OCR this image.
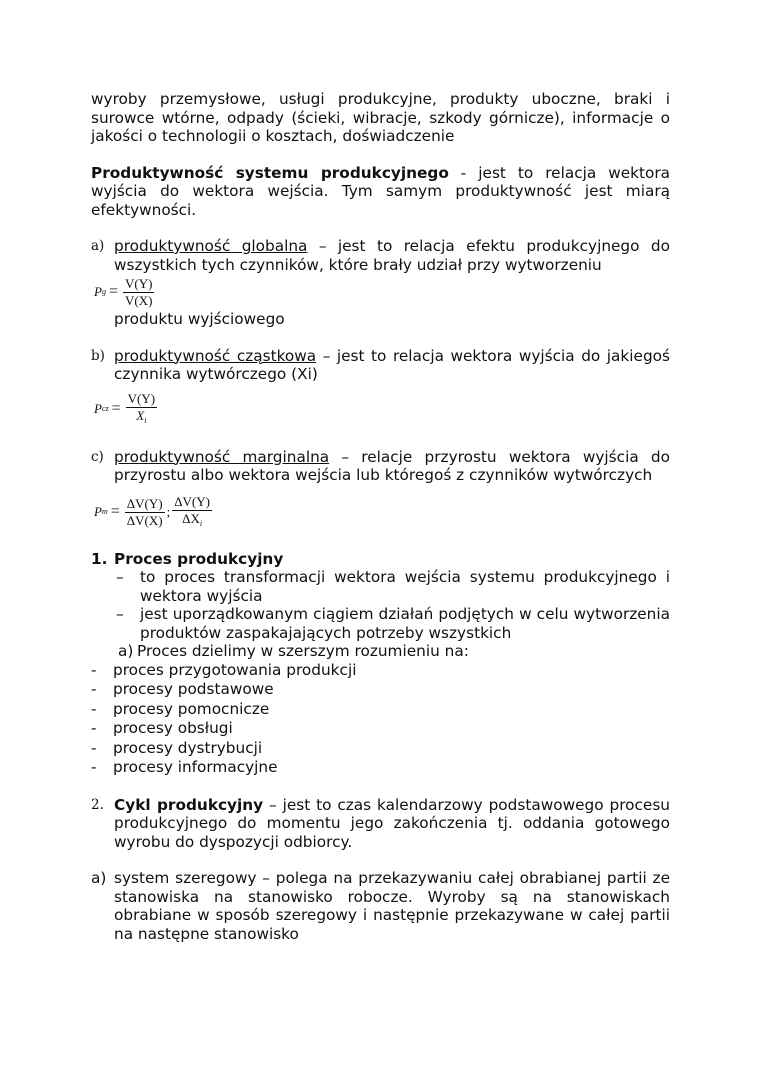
wyroby przemysłowe, usługi produkcyjne, produkty uboczne, braki i surowce wtórne, odpady (ścieki, wibracje, szkody górnicze), informacje o jakości o technologii o kosztach, doświadczenie

Produktywność systemu produkcyjnego - jest to relacja wektora wyjścia do wektora wejścia. Tym samym produktywność jest miarą efektywności.

a) produktywność globalna – jest to relacja efektu produkcyjnego do wszystkich tych czynników, które brały udział przy wytworzeniu

P $g = \frac{V(Y)}{V(X)}$

produktu wyjściowego

b) produktywność cząstkowa – jest to relacja wektora wyjścia do jakiegoś czynnika wytwórczego (Xi)

P cz = $\frac{V(Y)}{X_i}$
c) produktywność marginalna – relacje przyrostu wektora wyjścia do przyrostu albo wektora wejścia lub któregoś z czynników wytwórczych

P $m = \frac{\Delta V(Y)}{\Delta V(X)}$ ; $\frac{\Delta V(Y)}{\Delta X_i}$
1. Proces produkcyjny
–	to proces transformacji wektora wejścia systemu produkcyjnego i wektora wyjścia

–	jest uporządkowanym ciągiem działań podjętych w celu wytworzenia produktów zaspakajających potrzeby wszystkich

a) Proces dzielimy w szerszym rozumieniu na:
-	proces przygotowania produkcji
-	procesy podstawowe
-	procesy pomocnicze
-	procesy obsługi
-	procesy dystrybucji
-	procesy informacyjne
2. Cykl produkcyjny – jest to czas kalendarzowy podstawowego procesu produkcyjnego do momentu jego zakończenia tj. oddania gotowego wyrobu do dyspozycji odbiorcy.

a) system szeregowy – polega na przekazywaniu całej obrabianej partii ze stanowiska na stanowisko robocze. Wyroby są na stanowiskach obrabiane w sposób szeregowy i następnie przekazywane w całej partii na następne stanowisko
